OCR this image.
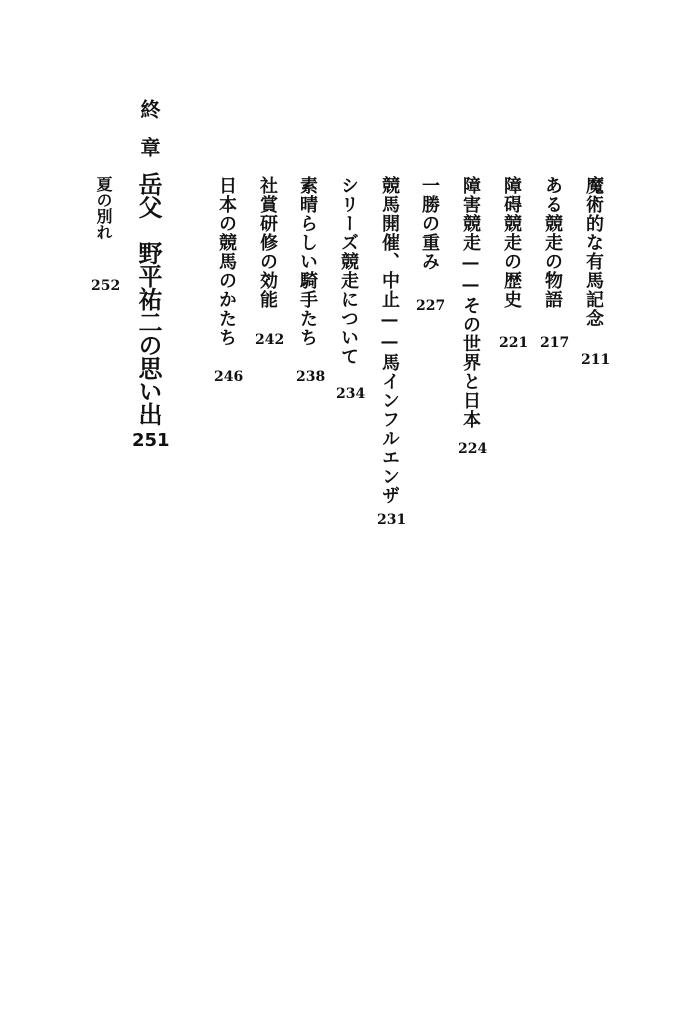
魔術的な有馬記念
211
ある競走の物語
217
障碍競走の歴史
221
障害競走——その世界と日本
224
一勝の重み
227
競馬開催、中止——馬インフルエンザ
231
シリーズ競走について
234
素晴らしい騎手たち
238
社賞研修の効能
242
日本の競馬のかたち
246
終
章
岳父　野平祐二の思い出
251
夏の別れ
252
